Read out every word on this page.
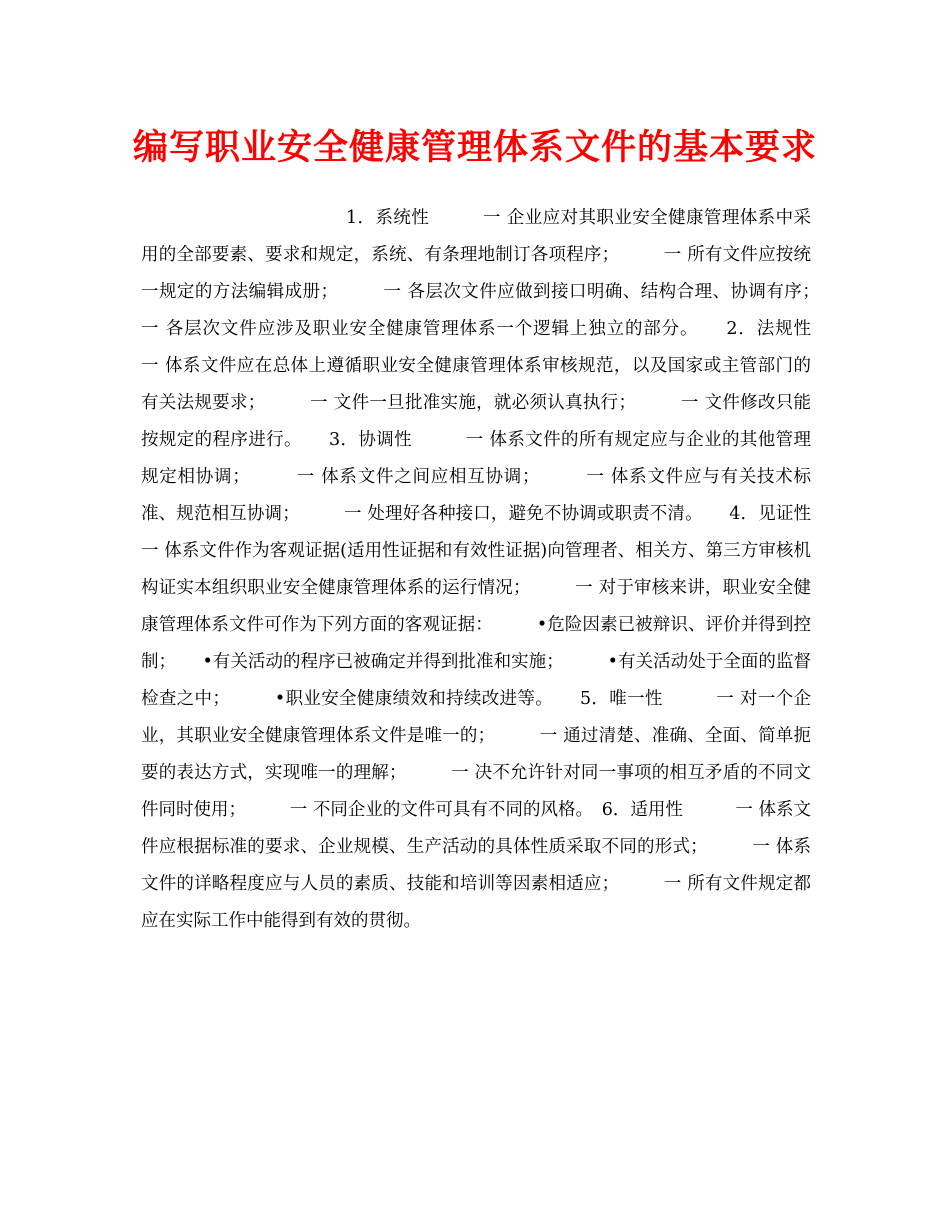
编写职业安全健康管理体系文件的基本要求

1．系统性　　　一 企业应对其职业安全健康管理体系中采用的全部要素、要求和规定，系统、有条理地制订各项程序；　　　一 所有文件应按统一规定的方法编辑成册；　　　一 各层次文件应做到接口明确、结构合理、协调有序；　　　一 各层次文件应涉及职业安全健康管理体系一个逻辑上独立的部分。　　2．法规性　　　一 体系文件应在总体上遵循职业安全健康管理体系审核规范，以及国家或主管部门的有关法规要求；　　　一 文件一旦批准实施，就必须认真执行；　　　一 文件修改只能按规定的程序进行。　　3．协调性　　　一 体系文件的所有规定应与企业的其他管理规定相协调；　　　一 体系文件之间应相互协调；　　　一 体系文件应与有关技术标准、规范相互协调；　　　一 处理好各种接口，避免不协调或职责不清。　　4．见证性　　　一 体系文件作为客观证据(适用性证据和有效性证据)向管理者、相关方、第三方审核机构证实本组织职业安全健康管理体系的运行情况；　　　一 对于审核来讲，职业安全健康管理体系文件可作为下列方面的客观证据：　　　•危险因素已被辩识、评价并得到控制；　　•有关活动的程序已被确定并得到批准和实施；　　　•有关活动处于全面的监督检查之中；　　　•职业安全健康绩效和持续改进等。　　5．唯一性　　　一 对一个企业，其职业安全健康管理体系文件是唯一的；　　　一 通过清楚、准确、全面、简单扼要的表达方式，实现唯一的理解；　　　一 决不允许针对同一事项的相互矛盾的不同文件同时使用；　　　一 不同企业的文件可具有不同的风格。　6．适用性　　　一 体系文件应根据标准的要求、企业规模、生产活动的具体性质采取不同的形式；　　　一 体系文件的详略程度应与人员的素质、技能和培训等因素相适应；　　　一 所有文件规定都应在实际工作中能得到有效的贯彻。
